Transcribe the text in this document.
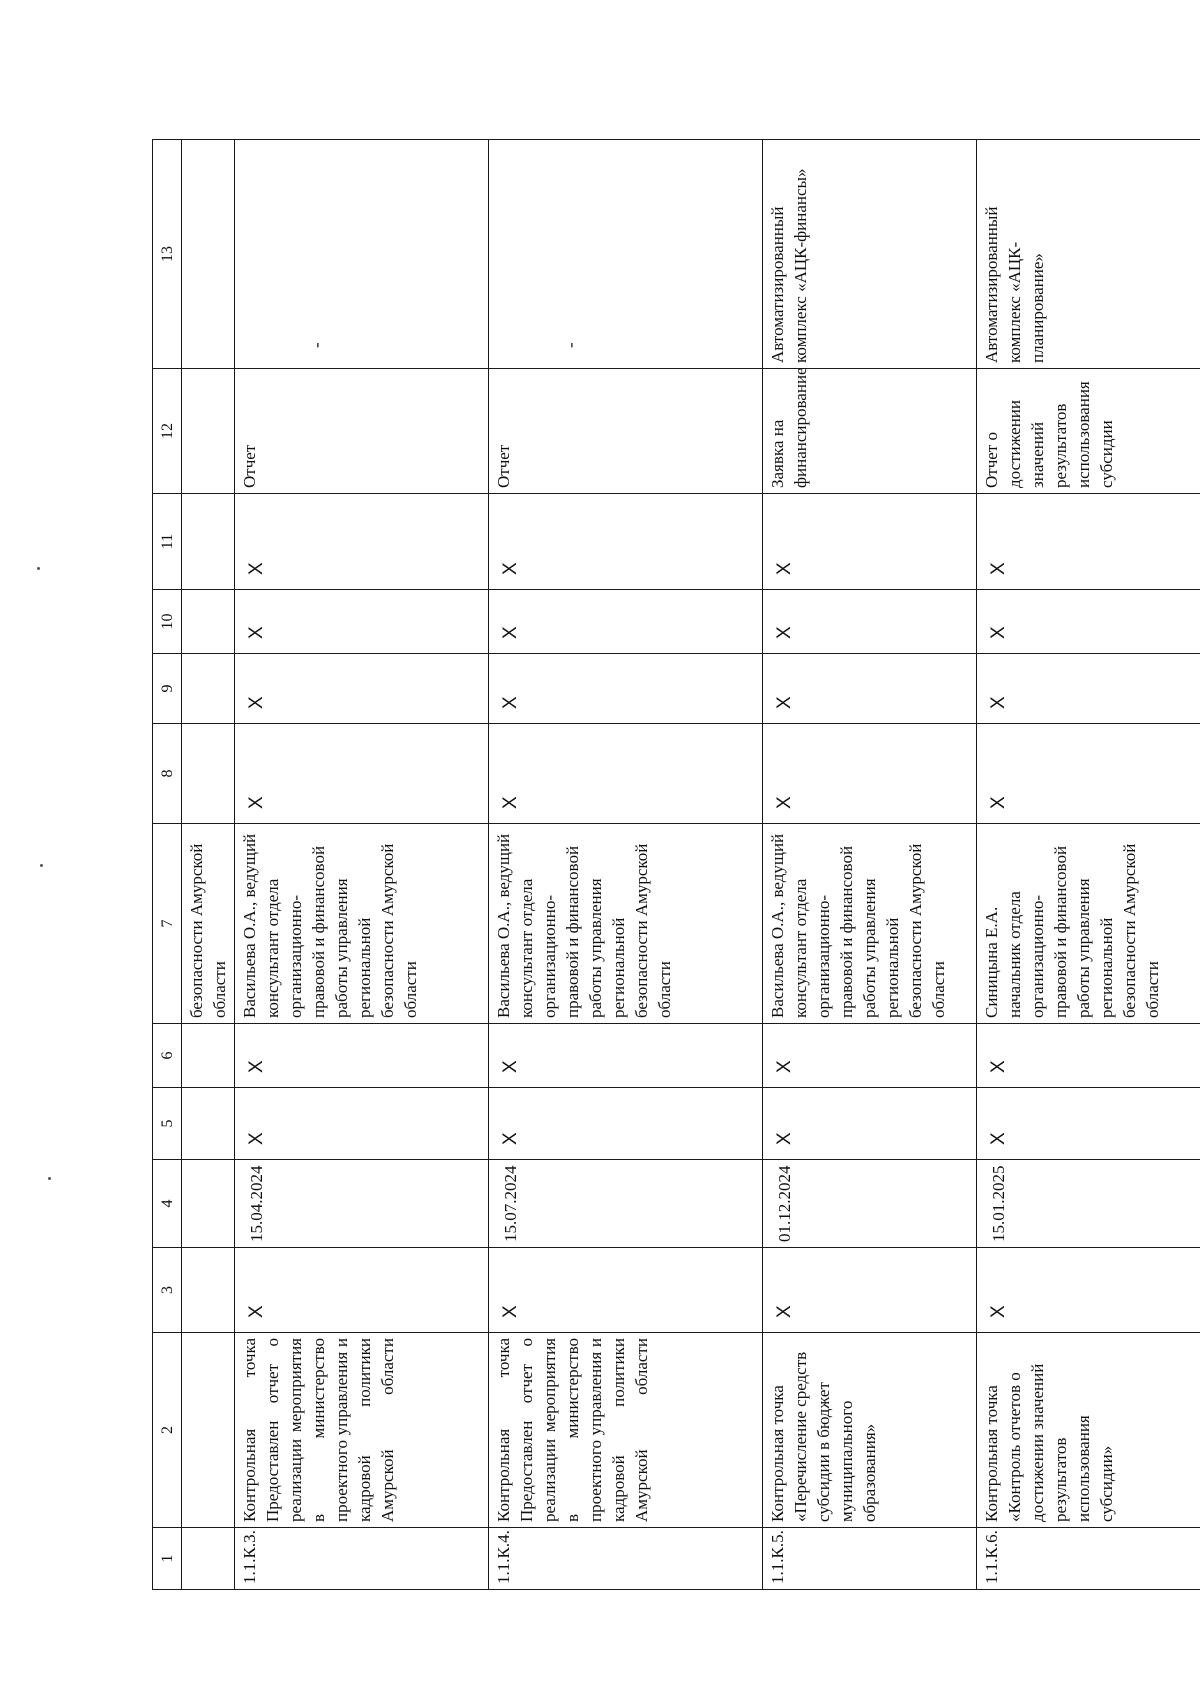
1	2	3	4	5	6	7	8	9	10	11	12	13
						безопасности Амурской области						
1.1.К.3.	Контрольная точка Предоставлен отчет о реализации мероприятия в министерство проектного управления и кадровой политики Амурской области	X	15.04.2024	X	X	Васильева О.А., ведущий консультант отдела организационно-правовой и финансовой работы управления региональной безопасности Амурской области	X	X	X	X	Отчет	-
1.1.К.4.	Контрольная точка Предоставлен отчет о реализации мероприятия в министерство проектного управления и кадровой политики Амурской области	X	15.07.2024	X	X	Васильева О.А., ведущий консультант отдела организационно-правовой и финансовой работы управления региональной безопасности Амурской области	X	X	X	X	Отчет	-
1.1.К.5.	Контрольная точка «Перечисление средств субсидии в бюджет муниципального образования»	X	01.12.2024	X	X	Васильева О.А., ведущий консультант отдела организационно-правовой и финансовой работы управления региональной безопасности Амурской области	X	X	X	X	Заявка на финансирование	Автоматизированный комплекс «АЦК-финансы»
1.1.К.6.	Контрольная точка «Контроль отчетов о достижении значений результатов использования субсидии»	X	15.01.2025	X	X	Синицына Е.А. начальник отдела организационно-правовой и финансовой работы управления региональной безопасности Амурской области	X	X	X	X	Отчет о достижении значений результатов использования субсидии	Автоматизированный комплекс «АЦК-планирование»
